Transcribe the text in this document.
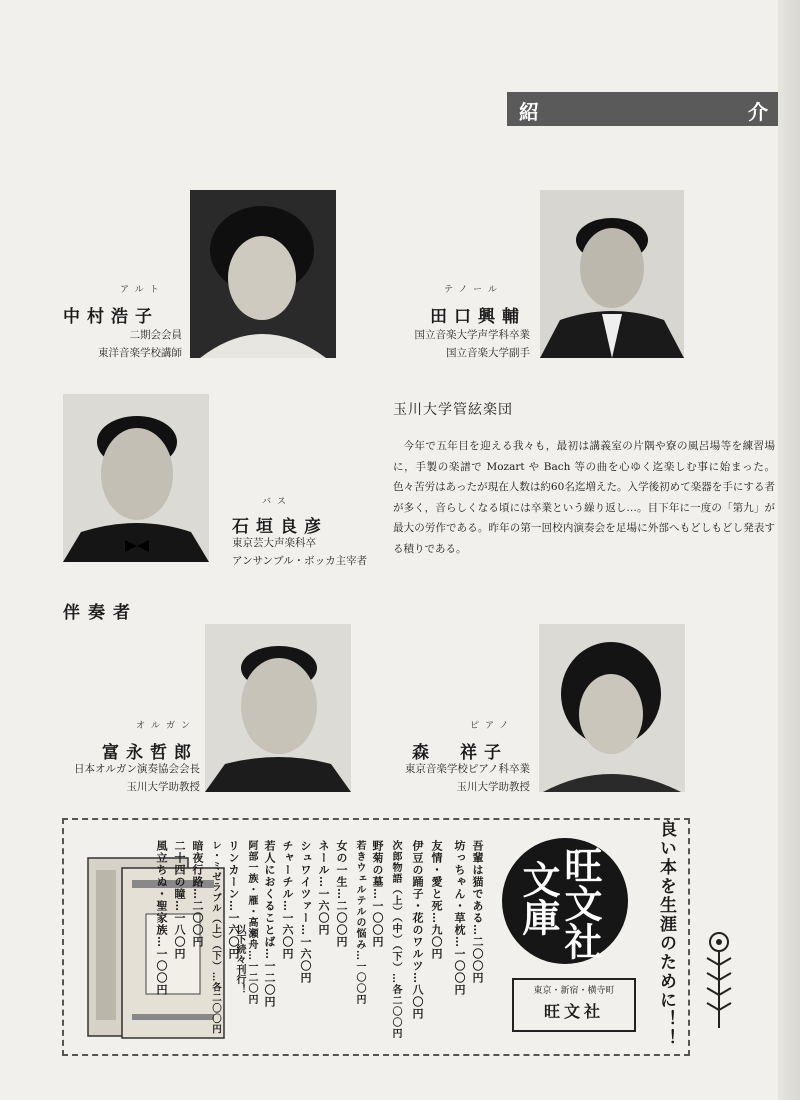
紹	介
アルト
中村浩子
二期会会員
東洋音楽学校講師
テノール
田口興輔
国立音楽大学声学科卒業
国立音楽大学副手
バス
石垣良彦
東京芸大声楽科卒
アンサンブル・ボッカ主宰者
玉川大学管絃楽団
今年で五年目を迎える我々も，最初は講義室の片隅や寮の風呂場等を練習場に，手製の楽譜で Mozart や Bach 等の曲を心ゆく迄楽しむ事に始まった。色々苦労はあったが現在人数は約60名迄増えた。入学後初めて楽器を手にする者が多く，音らしくなる頃には卒業という繰り返し…。目下年に一度の「第九」が最大の労作である。昨年の第一回校内演奏会を足場に外部へもどしもどし発表する積りである。
伴奏者
オルガン
富永哲郎
日本オルガン演奏協会会長
玉川大学助教授
ピアノ
森　祥子
東京音楽学校ピアノ科卒業
玉川大学助教授
吾輩は猫である…二〇〇円
坊っちゃん・草枕…一〇〇円
友情・愛と死…九〇円
伊豆の踊子・花のワルツ…八〇円
次郎物語（上）（中）（下）…各二〇〇円
野菊の墓…一〇〇円
若きウェルテルの悩み…一〇〇円
女の一生…二〇〇円
ネール…一六〇円
シュワイツァー…一六〇円
チャーチル…一六〇円
若人におくることば…一二〇円
阿部一族・雁・高瀬舟…一二〇円
リンカーン…一六〇円
レ・ミゼラブル（上）（下）…各二〇〇円
暗夜行路…二〇〇円
二十四の瞳…一八〇円
風立ちぬ・聖家族…一〇〇円	以下続々刊行！	旺文社
文庫	良い本を生涯のために！！
東京・新宿・横寺町
旺文社
